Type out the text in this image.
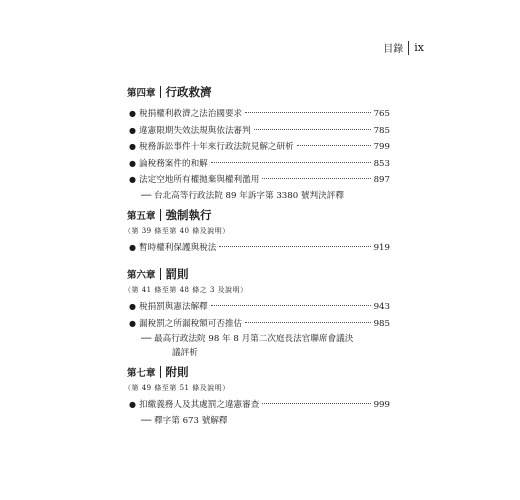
目錄 ix
第四章 行政救濟
● 稅捐權利救濟之法治國要求	765
● 違憲限期失效法規與依法審判	785
● 稅務訴訟事件十年來行政法院見解之研析	799
● 論稅務案件的和解	853
● 法定空地所有權拋棄與權利濫用	897
── 台北高等行政法院 89 年訴字第 3380 號判決評釋
第五章 強制執行
（第 39 條至第 40 條及說明）
● 暫時權利保護與稅法	919
第六章 罰則
（第 41 條至第 48 條之 3 及說明）
● 稅捐罰與憲法解釋	943
● 漏稅罰之所漏稅額可否推估	985
── 最高行政法院 98 年 8 月第二次庭長法官聯席會議決
議評析
第七章 附則
（第 49 條至第 51 條及說明）
● 扣繳義務人及其處罰之違憲審查	999
── 釋字第 673 號解釋
